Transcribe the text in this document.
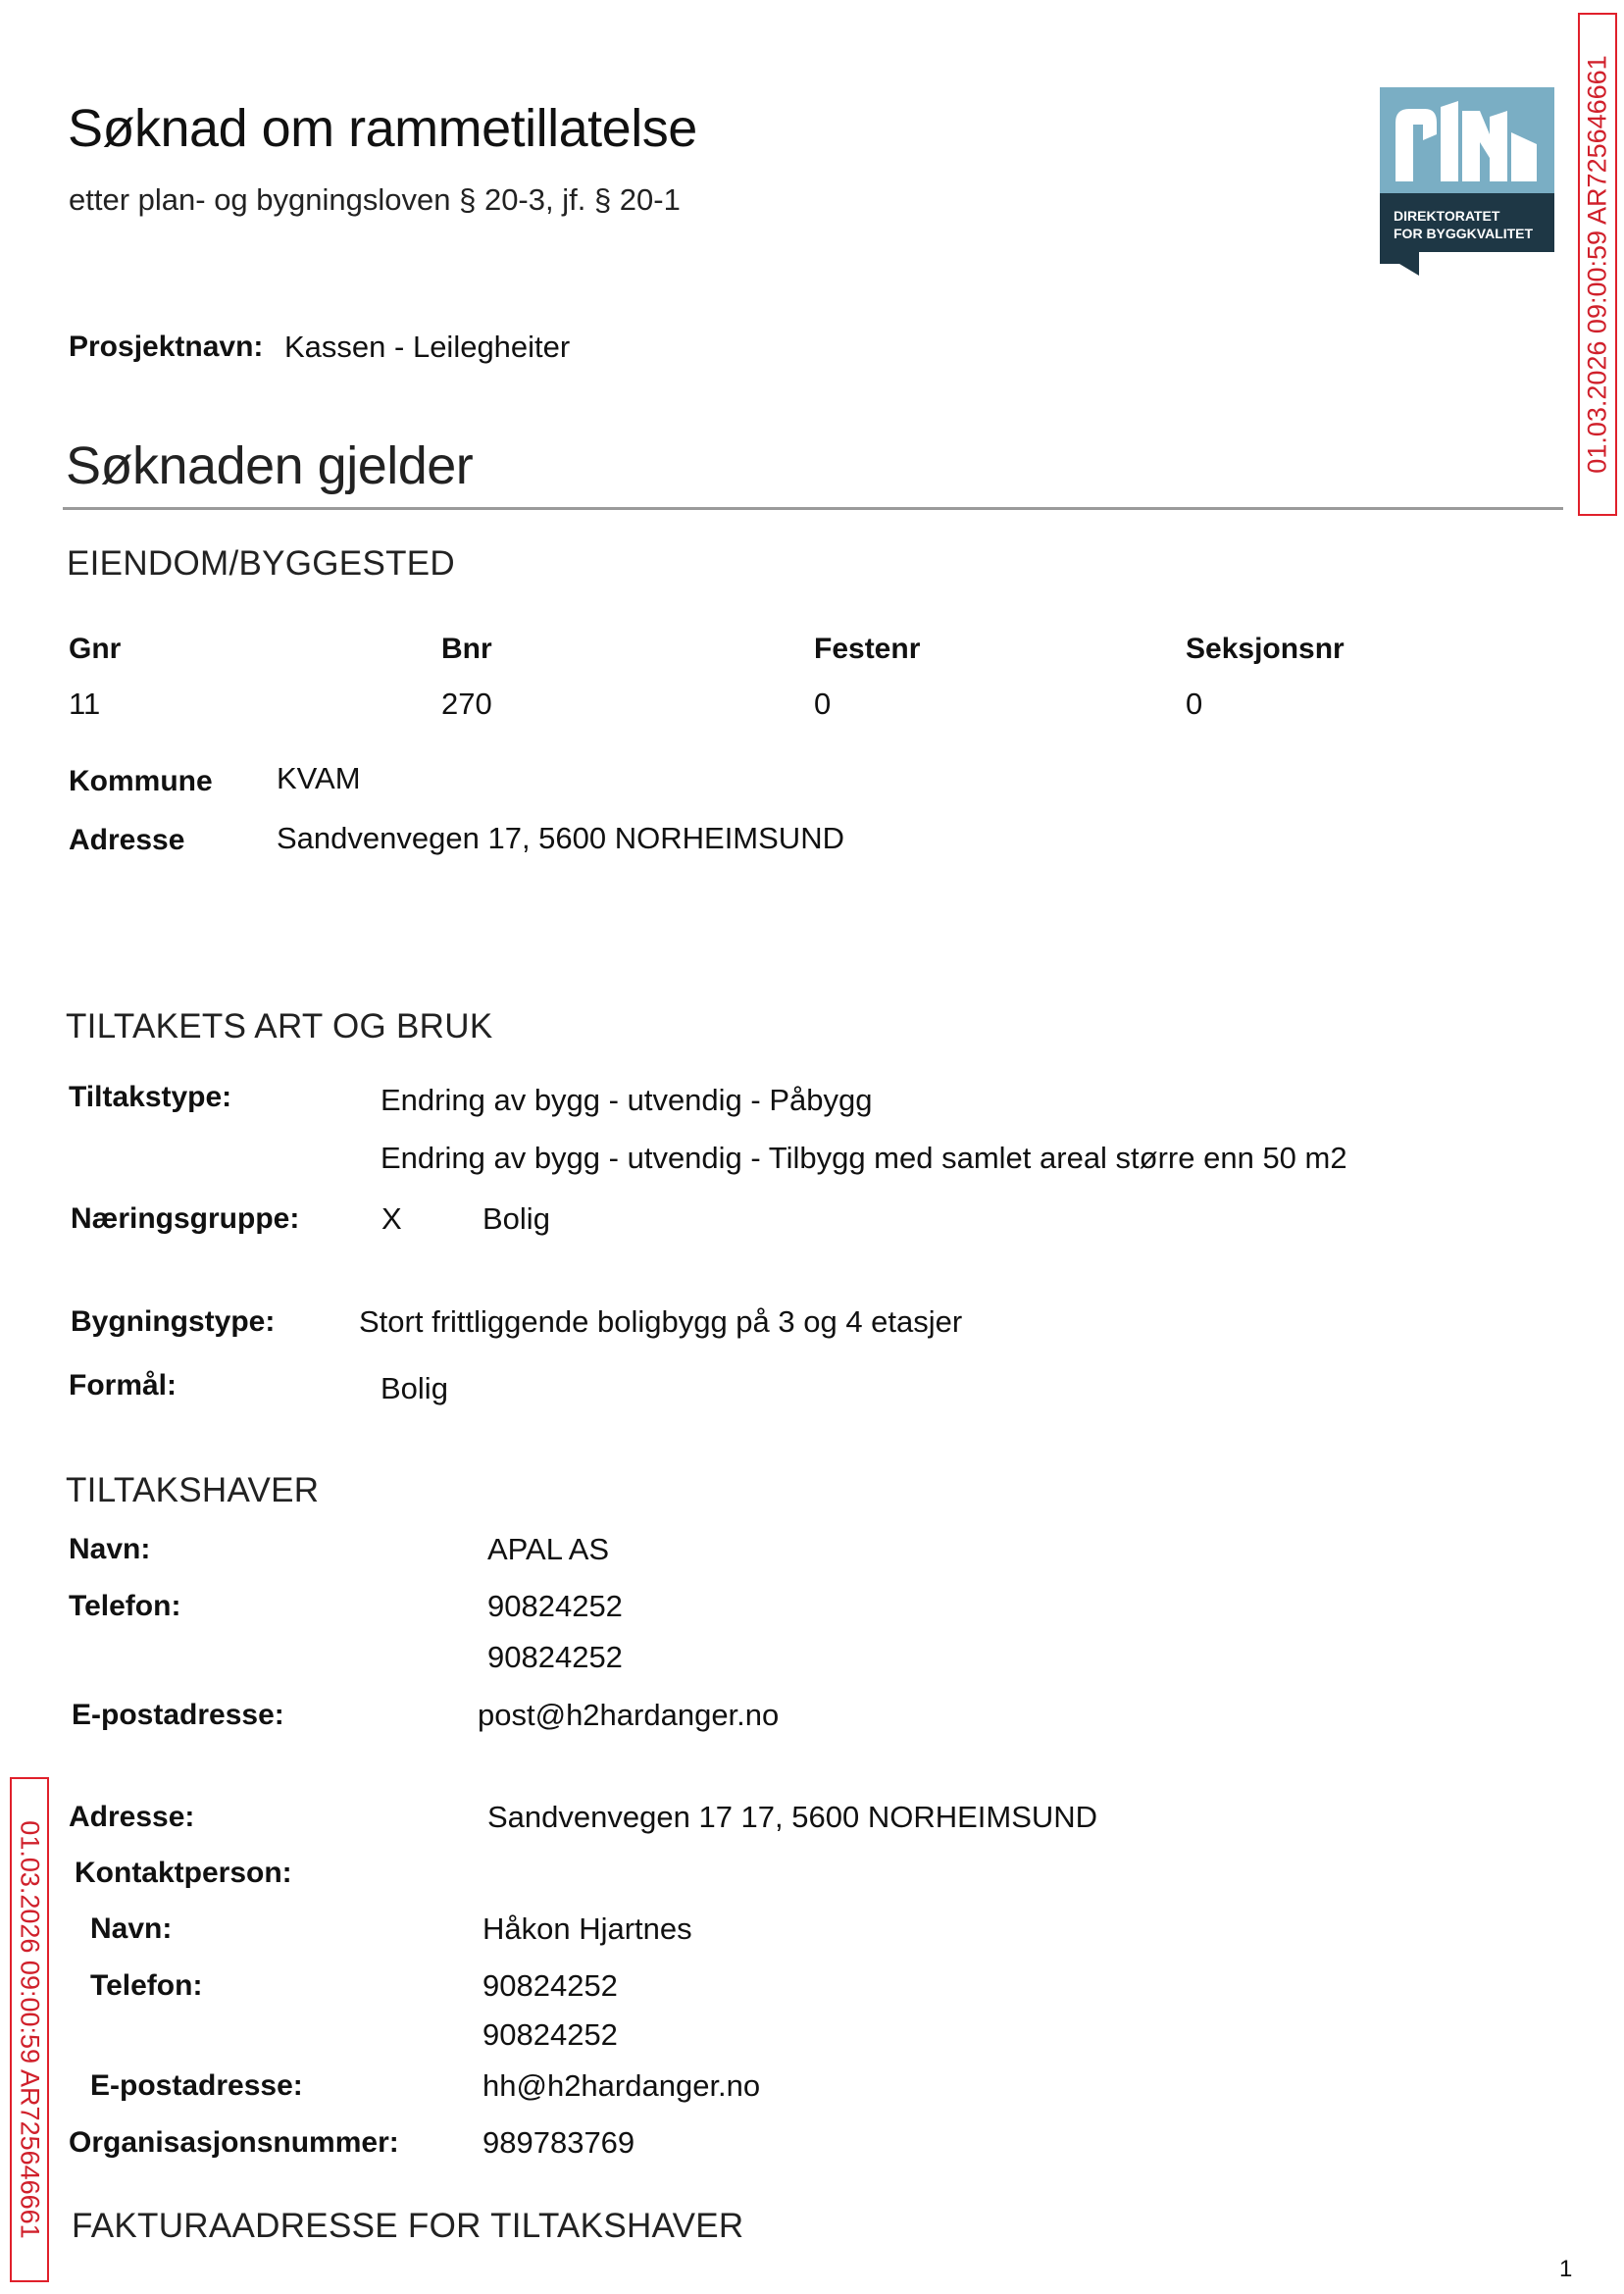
Søknad om rammetillatelse
etter plan- og bygningsloven § 20-3, jf. § 20-1
Prosjektnavn: Kassen - Leilegheiter
DIREKTORATET
FOR BYGGKVALITET 01.03.2026 09:00:59 AR725646661
01.03.2026 09:00:59 AR725646661
Søknaden gjelder
EIENDOM/BYGGESTED
Gnr	Bnr	Festenr	Seksjonsnr
11	270	0	0
Kommune KVAM
Adresse	Sandvenvegen 17, 5600 NORHEIMSUND
TILTAKETS ART OG BRUK
Tiltakstype:	Endring av bygg - utvendig - Påbygg
Endring av bygg - utvendig - Tilbygg med samlet areal større enn 50 m2
Næringsgruppe:	X	Bolig
Bygningstype:	Stort frittliggende boligbygg på 3 og 4 etasjer
Formål:	Bolig
TILTAKSHAVER
Navn:	APAL AS
Telefon:	90824252
90824252
E-postadresse:	post@h2hardanger.no
Adresse:	Sandvenvegen 17 17, 5600 NORHEIMSUND
Kontaktperson:
Navn:	Håkon Hjartnes
Telefon:	90824252
90824252
E-postadresse:	hh@h2hardanger.no
Organisasjonsnummer:	989783769
FAKTURAADRESSE FOR TILTAKSHAVER
1
